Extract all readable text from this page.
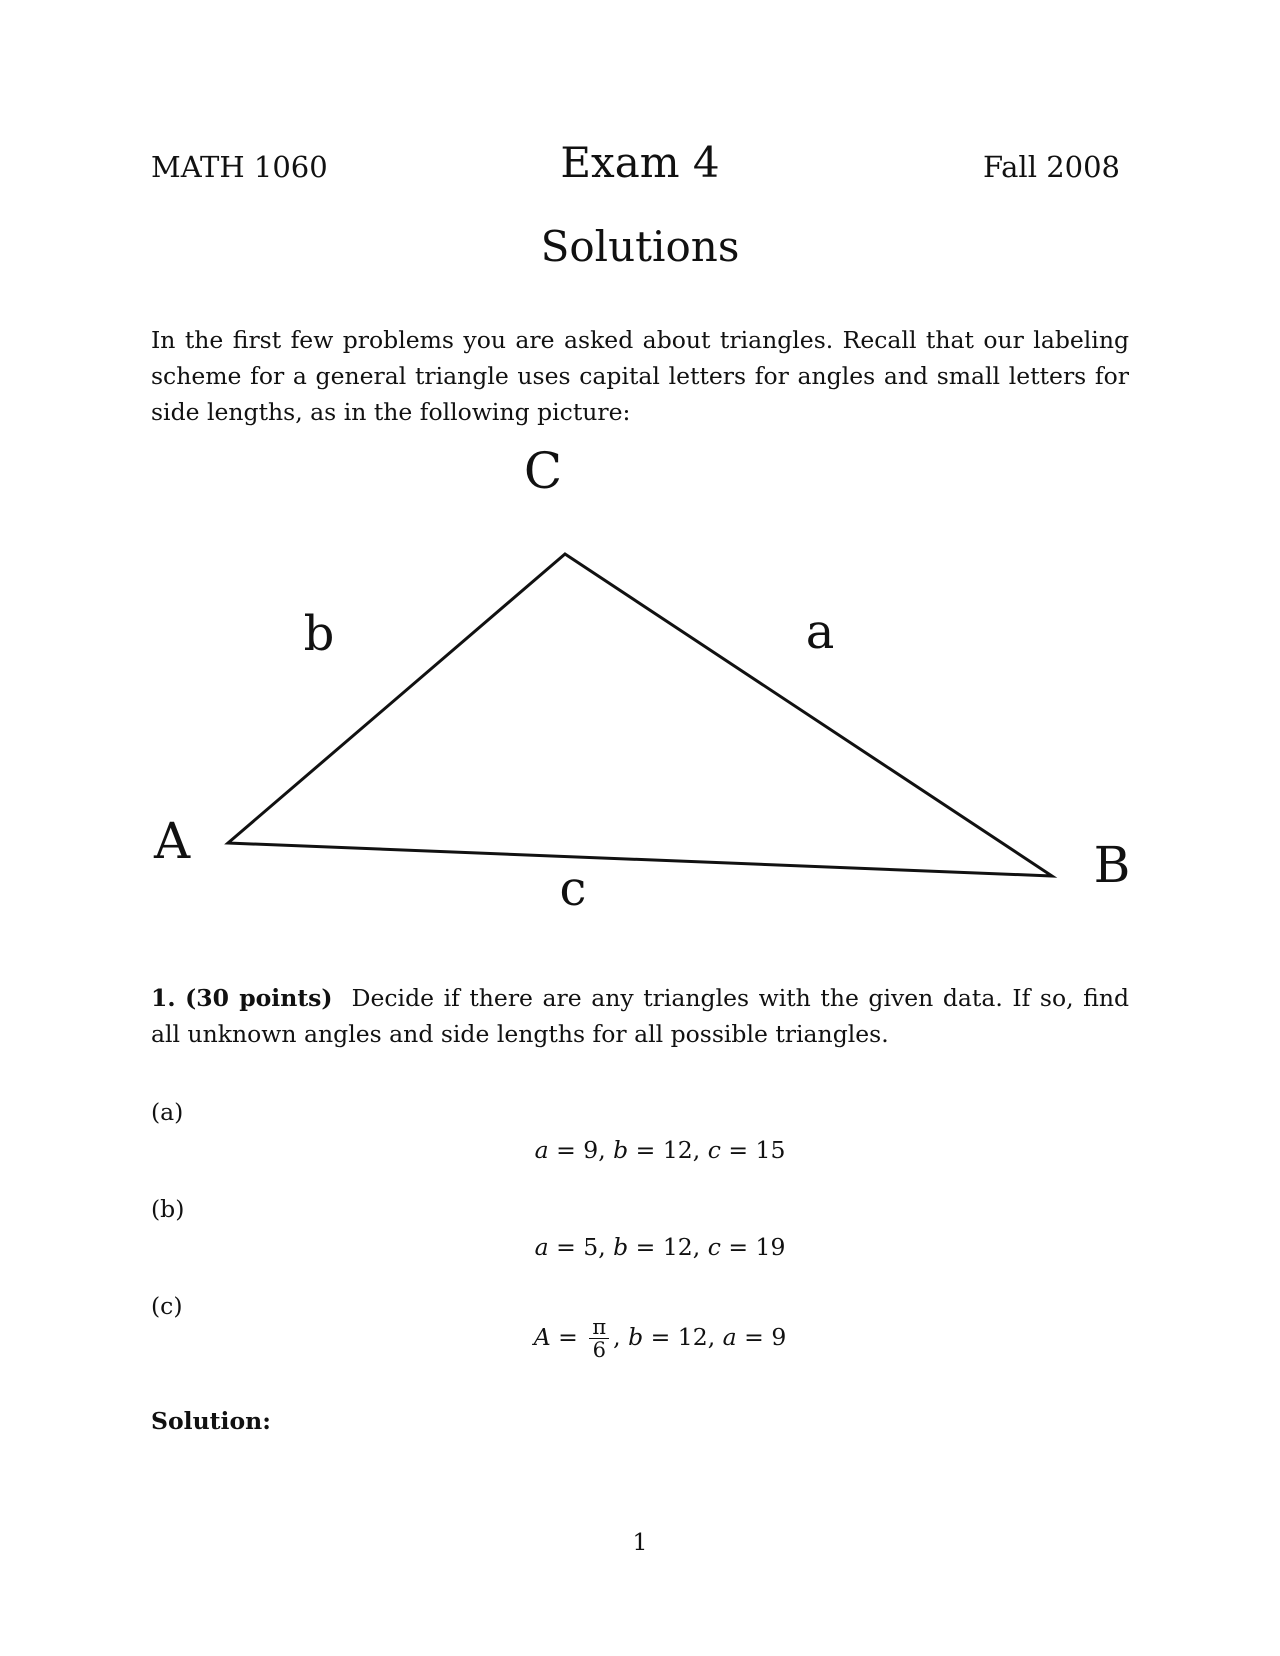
MATH 1060	Exam 4	Fall 2008
Solutions
In the first few problems you are asked about triangles. Recall that our labeling scheme for a general triangle uses capital letters for angles and small letters for side lengths, as in the following picture:
C
A	B
b	a
c
1. (30 points) Decide if there are any triangles with the given data. If so, find all unknown angles and side lengths for all possible triangles.
(a)
a = 9, b = 12, c = 15
(b)
a = 5, b = 12, c = 19
(c)
$A = \frac{\pi}{6}$ , b = 12, a = 9
Solution:
1
